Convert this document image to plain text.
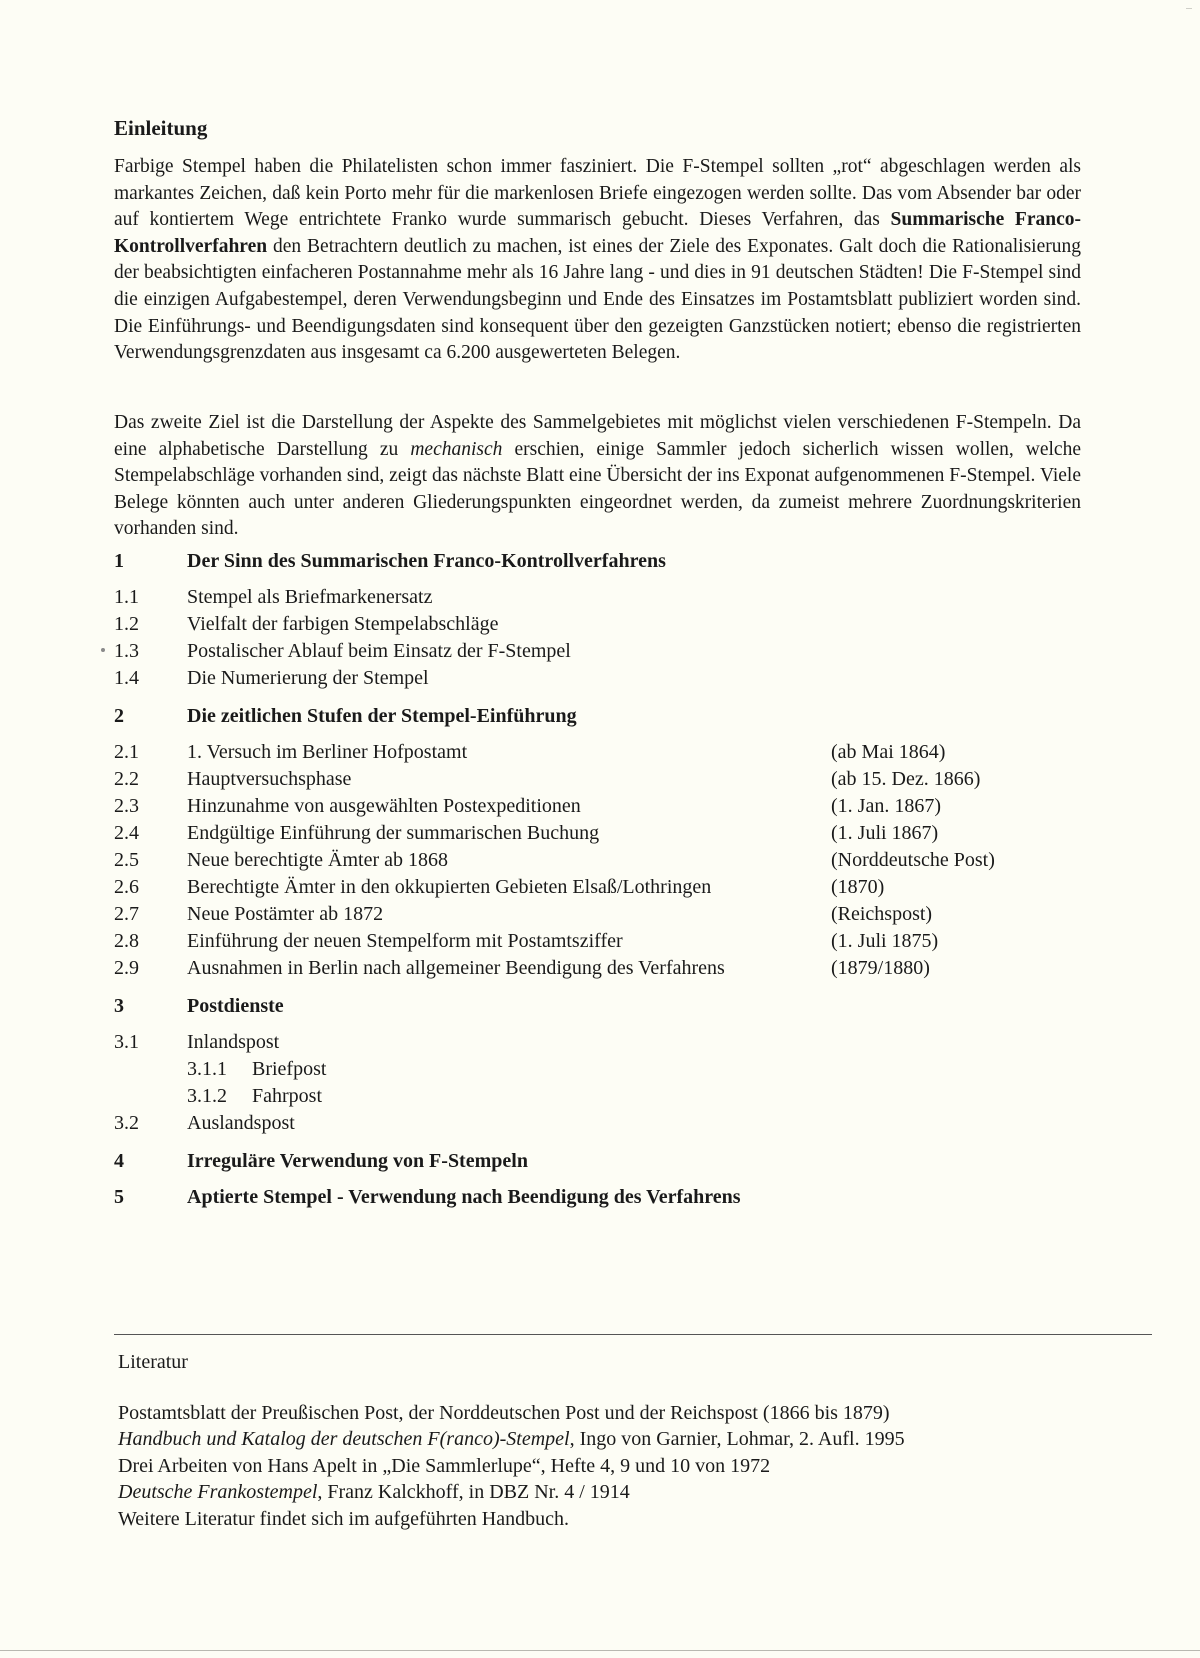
Einleitung

Farbige Stempel haben die Philatelisten schon immer fasziniert. Die F-Stempel sollten „rot“ abgeschlagen werden als markantes Zeichen, daß kein Porto mehr für die markenlosen Briefe eingezogen werden sollte. Das vom Absender bar oder auf kontiertem Wege entrichtete Franko wurde summarisch gebucht. Dieses Verfahren, das Summarische Franco-Kontrollverfahren den Betrachtern deutlich zu machen, ist eines der Ziele des Exponates. Galt doch die Rationalisierung der beabsichtigten einfacheren Postannahme mehr als 16 Jahre lang - und dies in 91 deutschen Städten! Die F-Stempel sind die einzigen Aufgabestempel, deren Verwendungsbeginn und Ende des Einsatzes im Postamtsblatt publiziert worden sind. Die Einführungs- und Beendigungsdaten sind konsequent über den gezeigten Ganzstücken notiert; ebenso die registrierten Verwendungsgrenzdaten aus insgesamt ca 6.200 ausgewerteten Belegen.

Das zweite Ziel ist die Darstellung der Aspekte des Sammelgebietes mit möglichst vielen verschiedenen F-Stempeln. Da eine alphabetische Darstellung zu mechanisch erschien, einige Sammler jedoch sicherlich wissen wollen, welche Stempelabschläge vorhanden sind, zeigt das nächste Blatt eine Übersicht der ins Exponat aufgenommenen F-Stempel. Viele Belege könnten auch unter anderen Gliederungspunkten eingeordnet werden, da zumeist mehrere Zuordnungskriterien vorhanden sind.

1	Der Sinn des Summarischen Franco-Kontrollverfahrens
1.1 Stempel als Briefmarkenersatz
1.2 Vielfalt der farbigen Stempelabschläge
1.3 Postalischer Ablauf beim Einsatz der F-Stempel
1.4 Die Numerierung der Stempel
2	Die zeitlichen Stufen der Stempel-Einführung
2.1 1. Versuch im Berliner Hofpostamt	(ab Mai 1864)
2.2 Hauptversuchsphase	(ab 15. Dez. 1866)
2.3 Hinzunahme von ausgewählten Postexpeditionen	(1. Jan. 1867)
2.4 Endgültige Einführung der summarischen Buchung	(1. Juli 1867)
2.5 Neue berechtigte Ämter ab 1868	(Norddeutsche Post)
2.6 Berechtigte Ämter in den okkupierten Gebieten Elsaß/Lothringen	(1870)
2.7 Neue Postämter ab 1872	(Reichspost)
2.8 Einführung der neuen Stempelform mit Postamtsziffer	(1. Juli 1875)
2.9 Ausnahmen in Berlin nach allgemeiner Beendigung des Verfahrens	(1879/1880)
3	Postdienste
3.1 Inlandspost
3.1.1 Briefpost
3.1.2 Fahrpost
3.2 Auslandspost
4	Irreguläre Verwendung von F-Stempeln
5	Aptierte Stempel - Verwendung nach Beendigung des Verfahrens
Literatur
Postamtsblatt der Preußischen Post, der Norddeutschen Post und der Reichspost (1866 bis 1879)
Handbuch und Katalog der deutschen F(ranco)-Stempel, Ingo von Garnier, Lohmar, 2. Aufl. 1995
Drei Arbeiten von Hans Apelt in „Die Sammlerlupe“, Hefte 4, 9 und 10 von 1972
Deutsche Frankostempel, Franz Kalckhoff, in DBZ Nr. 4 / 1914
Weitere Literatur findet sich im aufgeführten Handbuch.
